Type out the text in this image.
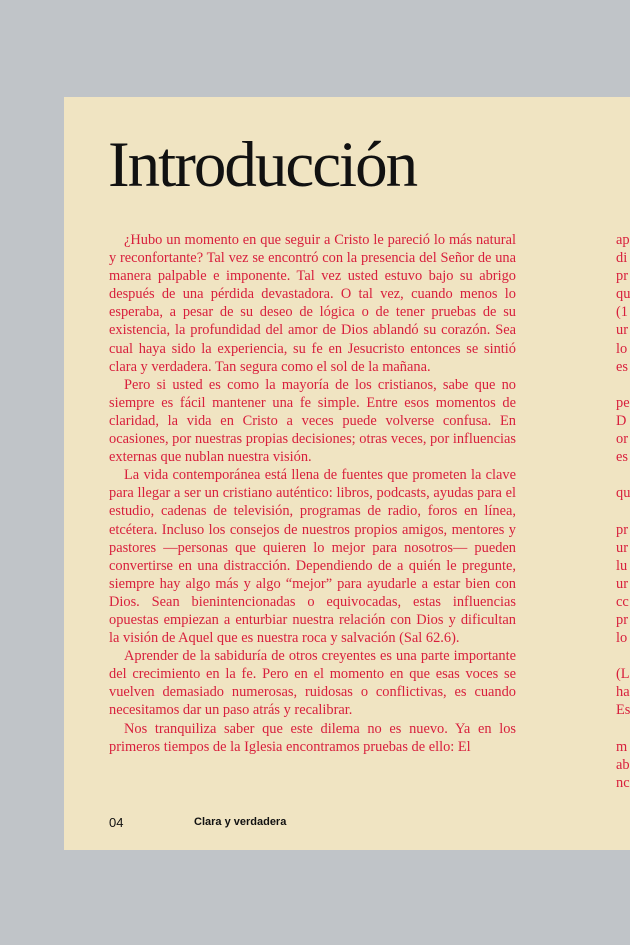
Introducción

¿Hubo un momento en que seguir a Cristo le pareció lo más natural y reconfortante? Tal vez se encontró con la presencia del Señor de una manera palpable e imponente. Tal vez usted estuvo bajo su abrigo después de una pérdida devastadora. O tal vez, cuando menos lo esperaba, a pesar de su deseo de lógica o de tener pruebas de su existencia, la profundidad del amor de Dios ablandó su corazón. Sea cual haya sido la experiencia, su fe en Jesucristo entonces se sintió clara y verdadera. Tan segura como el sol de la mañana.

Pero si usted es como la mayoría de los cristianos, sabe que no siempre es fácil mantener una fe simple. Entre esos momentos de claridad, la vida en Cristo a veces puede volverse confusa. En ocasiones, por nuestras propias decisiones; otras veces, por influencias externas que nublan nuestra visión.

La vida contemporánea está llena de fuentes que prometen la clave para llegar a ser un cristiano auténtico: libros, podcasts, ayudas para el estudio, cadenas de televisión, programas de radio, foros en línea, etcétera. Incluso los consejos de nuestros propios amigos, mentores y pastores —personas que quieren lo mejor para nosotros— pueden convertirse en una distracción. Dependiendo de a quién le pregunte, siempre hay algo más y algo “mejor” para ayudarle a estar bien con Dios. Sean bienintencionadas o equivocadas, estas influencias opuestas empiezan a enturbiar nuestra relación con Dios y dificultan la visión de Aquel que es nuestra roca y salvación (Sal 62.6).

Aprender de la sabiduría de otros creyentes es una parte importante del crecimiento en la fe. Pero en el momento en que esas voces se vuelven demasiado numerosas, ruidosas o conflictivas, es cuando necesitamos dar un paso atrás y recalibrar.

Nos tranquiliza saber que este dilema no es nuevo. Ya en los primeros tiempos de la Iglesia encontramos pruebas de ello: El

ap
di
pr
qu
(1
ur
lo
es
pe
D
or
es
qu
pr
ur
lu
ur
cc
pr
lo
(L
ha
Es
m
ab
nc
04	Clara y verdadera
